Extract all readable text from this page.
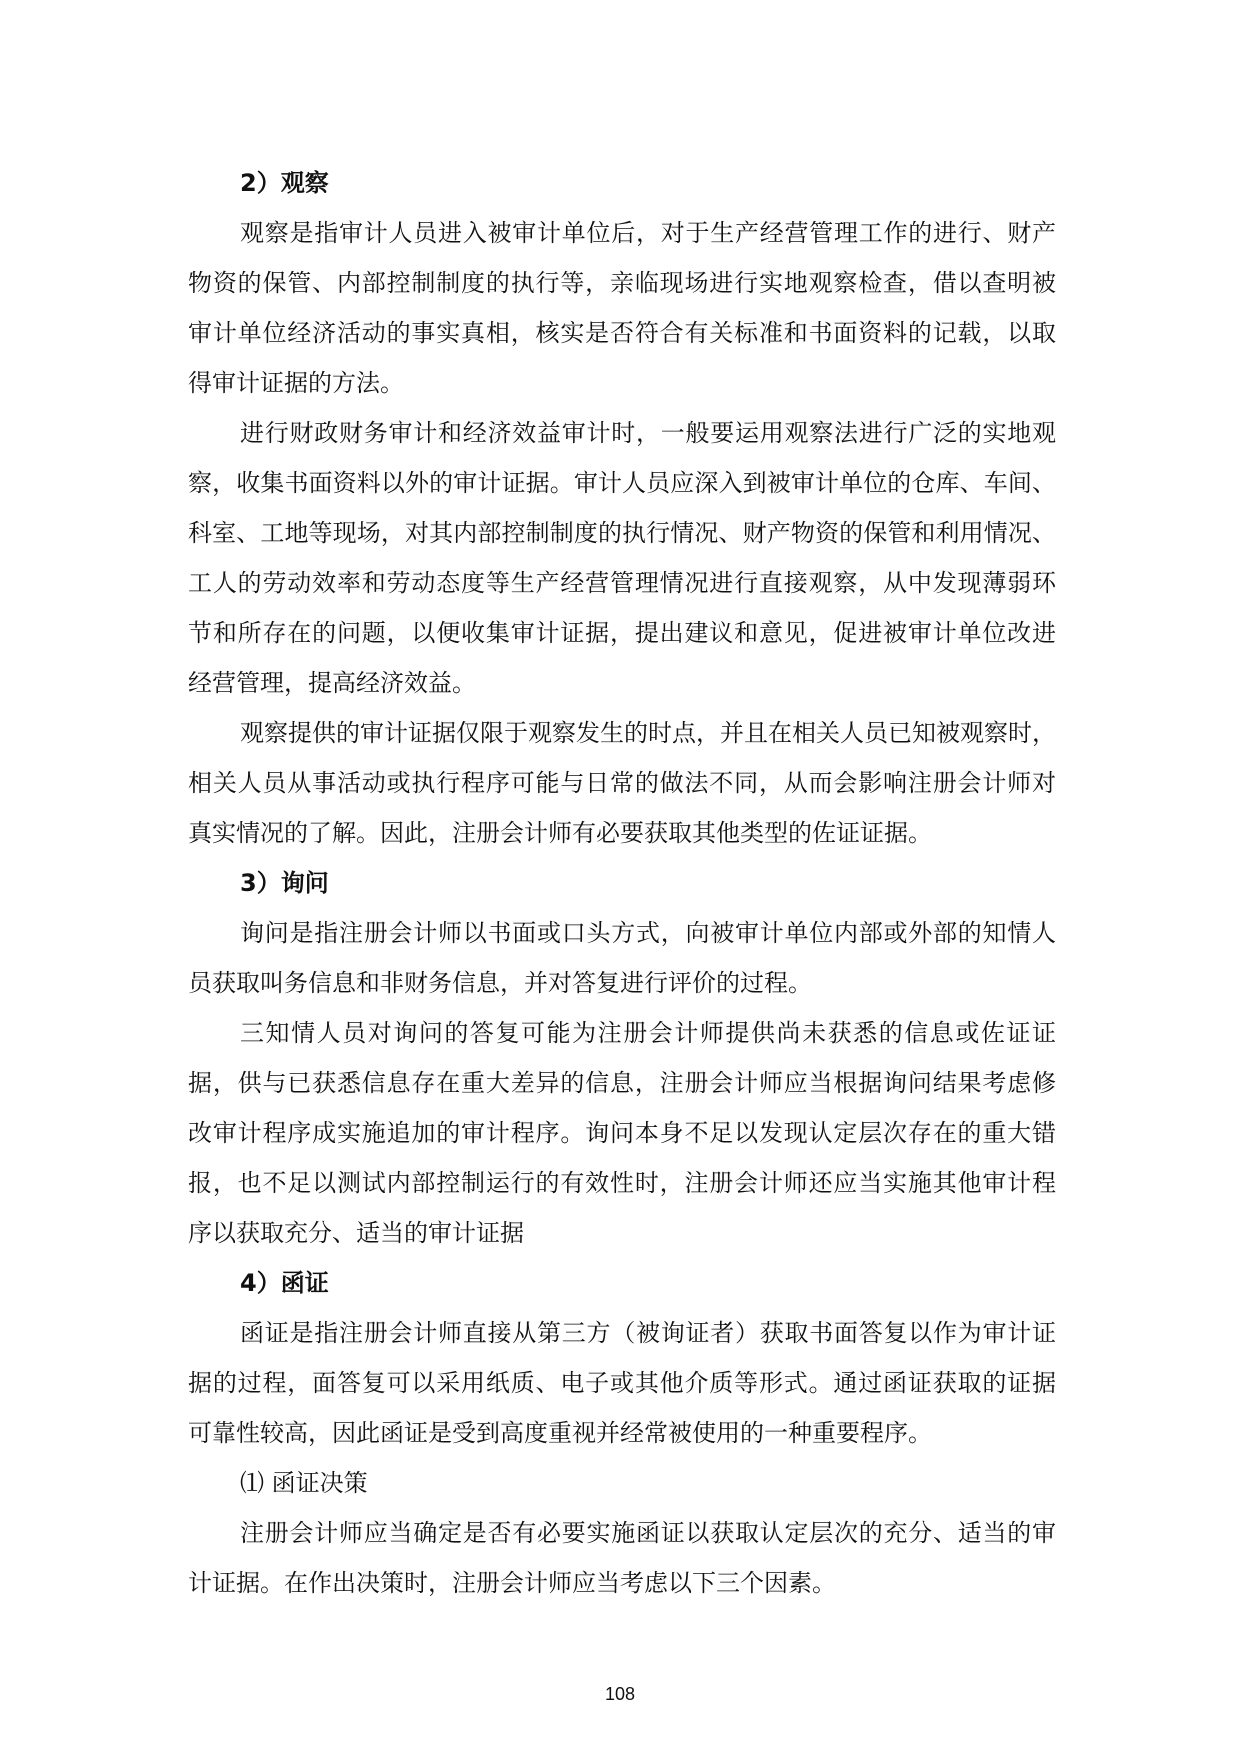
2）观察
观察是指审计人员进入被审计单位后，对于生产经营管理工作的进行、财产
物资的保管、内部控制制度的执行等，亲临现场进行实地观察检查，借以查明被
审计单位经济活动的事实真相，核实是否符合有关标准和书面资料的记载，以取
得审计证据的方法。
进行财政财务审计和经济效益审计时，一般要运用观察法进行广泛的实地观
察，收集书面资料以外的审计证据。审计人员应深入到被审计单位的仓库、车间、
科室、工地等现场，对其内部控制制度的执行情况、财产物资的保管和利用情况、
工人的劳动效率和劳动态度等生产经营管理情况进行直接观察，从中发现薄弱环
节和所存在的问题，以便收集审计证据，提出建议和意见，促进被审计单位改进
经营管理，提高经济效益。
观察提供的审计证据仅限于观察发生的时点，并且在相关人员已知被观察时，
相关人员从事活动或执行程序可能与日常的做法不同，从而会影响注册会计师对
真实情况的了解。因此，注册会计师有必要获取其他类型的佐证证据。
3）询问
询问是指注册会计师以书面或口头方式，向被审计单位内部或外部的知情人
员获取叫务信息和非财务信息，并对答复进行评价的过程。
三知情人员对询问的答复可能为注册会计师提供尚未获悉的信息或佐证证
据，供与已获悉信息存在重大差异的信息，注册会计师应当根据询问结果考虑修
改审计程序成实施追加的审计程序。询问本身不足以发现认定层次存在的重大错
报，也不足以测试内部控制运行的有效性时，注册会计师还应当实施其他审计程
序以获取充分、适当的审计证据
4）函证
函证是指注册会计师直接从第三方（被询证者）获取书面答复以作为审计证
据的过程，面答复可以采用纸质、电子或其他介质等形式。通过函证获取的证据
可靠性较高，因此函证是受到高度重视并经常被使用的一种重要程序。
⑴ 函证决策
注册会计师应当确定是否有必要实施函证以获取认定层次的充分、适当的审
计证据。在作出决策时，注册会计师应当考虑以下三个因素。
108
